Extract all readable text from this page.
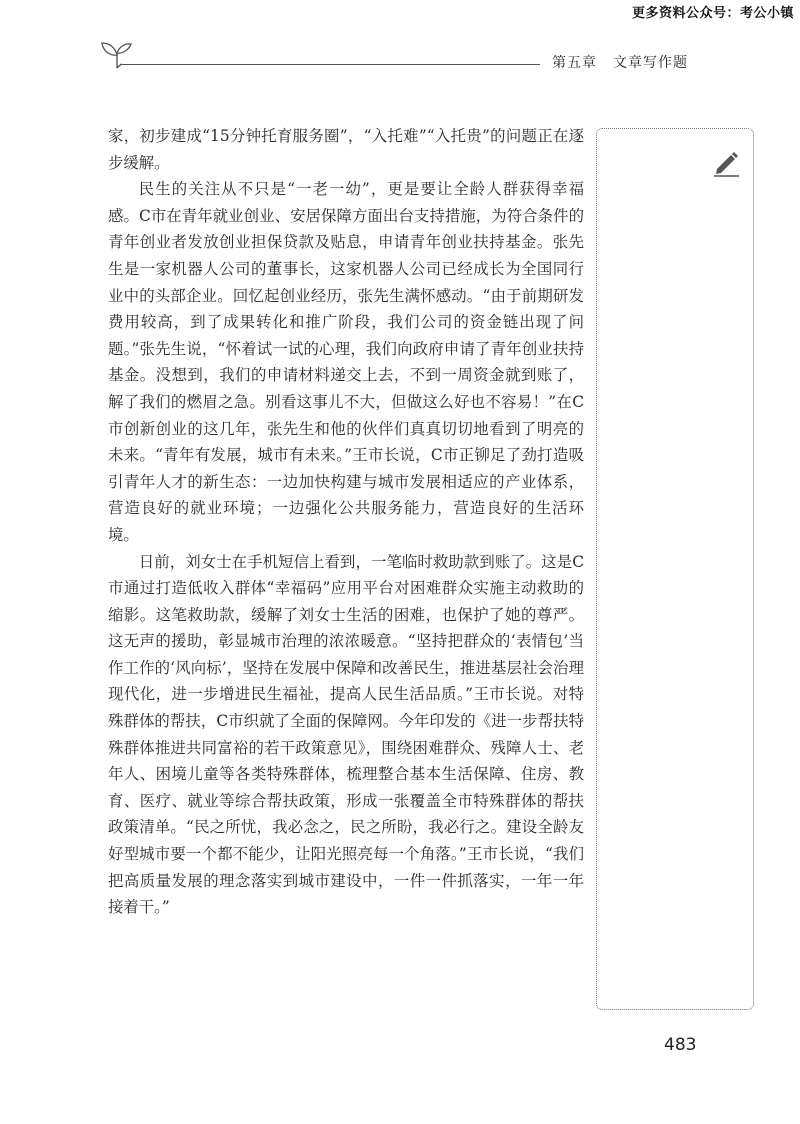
更多资料公众号：考公小镇
第五章 文章写作题

家，初步建成“15分钟托育服务圈”，“入托难”“入托贵”的问题正在逐步缓解。

民生的关注从不只是“一老一幼”，更是要让全龄人群获得幸福感。C市在青年就业创业、安居保障方面出台支持措施，为符合条件的青年创业者发放创业担保贷款及贴息，申请青年创业扶持基金。张先生是一家机器人公司的董事长，这家机器人公司已经成长为全国同行业中的头部企业。回忆起创业经历，张先生满怀感动。“由于前期研发费用较高，到了成果转化和推广阶段，我们公司的资金链出现了问题。”张先生说，“怀着试一试的心理，我们向政府申请了青年创业扶持基金。没想到，我们的申请材料递交上去，不到一周资金就到账了，解了我们的燃眉之急。别看这事儿不大，但做这么好也不容易！”在C市创新创业的这几年，张先生和他的伙伴们真真切切地看到了明亮的未来。“青年有发展，城市有未来。”王市长说，C市正铆足了劲打造吸引青年人才的新生态：一边加快构建与城市发展相适应的产业体系，营造良好的就业环境；一边强化公共服务能力，营造良好的生活环境。

日前，刘女士在手机短信上看到，一笔临时救助款到账了。这是C市通过打造低收入群体“幸福码”应用平台对困难群众实施主动救助的缩影。这笔救助款，缓解了刘女士生活的困难，也保护了她的尊严。这无声的援助，彰显城市治理的浓浓暖意。“坚持把群众的‘表情包’当作工作的‘风向标’，坚持在发展中保障和改善民生，推进基层社会治理现代化，进一步增进民生福祉，提高人民生活品质。”王市长说。对特殊群体的帮扶，C市织就了全面的保障网。今年印发的《进一步帮扶特殊群体推进共同富裕的若干政策意见》，围绕困难群众、残障人士、老年人、困境儿童等各类特殊群体，梳理整合基本生活保障、住房、教育、医疗、就业等综合帮扶政策，形成一张覆盖全市特殊群体的帮扶政策清单。“民之所忧，我必念之，民之所盼，我必行之。建设全龄友好型城市要一个都不能少，让阳光照亮每一个角落。”王市长说，“我们把高质量发展的理念落实到城市建设中，一件一件抓落实，一年一年接着干。”

483
